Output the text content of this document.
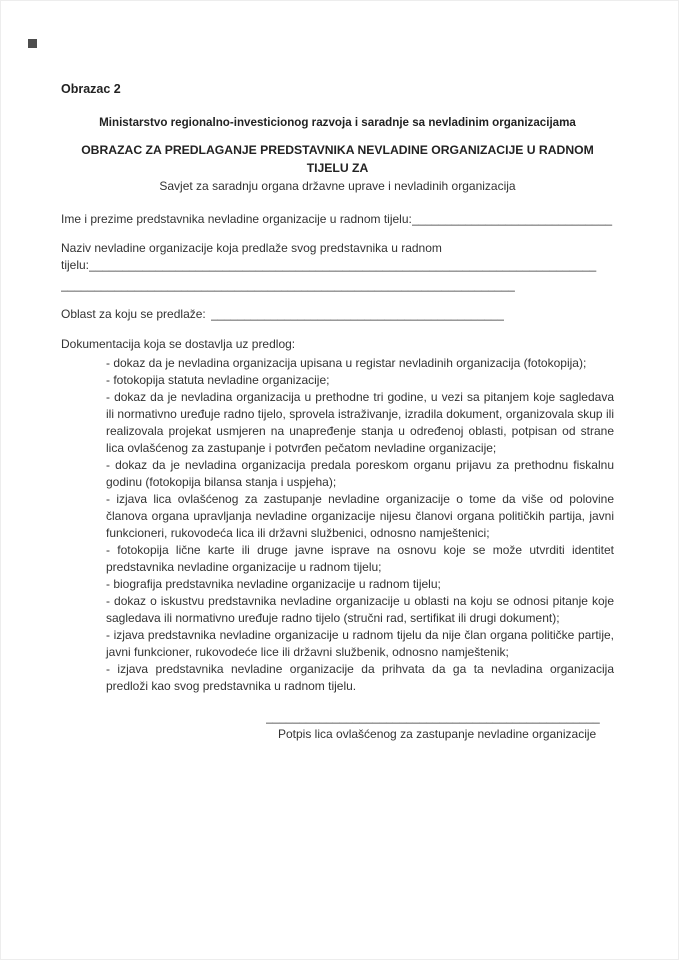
Obrazac 2
Ministarstvo regionalno-investicionog razvoja i saradnje sa nevladinim organizacijama
OBRAZAC ZA PREDLAGANJE PREDSTAVNIKA NEVLADINE ORGANIZACIJE U RADNOM TIJELU ZA
Savjet za saradnju organa državne uprave i nevladinih organizacija
Ime i prezime predstavnika nevladine organizacije u radnom tijelu: ______________________________
Naziv nevladine organizacije koja predlaže svog predstavnika u radnom
tijelu: ____________________________________________________________________________
____________________________________________________________________
Oblast za koju se predlaže: ____________________________________________
Dokumentacija koja se dostavlja uz predlog:
- dokaz da je nevladina organizacija upisana u registar nevladinih organizacija (fotokopija);
- fotokopija statuta nevladine organizacije;
- dokaz da je nevladina organizacija u prethodne tri godine, u vezi sa pitanjem koje sagledava ili normativno uređuje radno tijelo, sprovela istraživanje, izradila dokument, organizovala skup ili realizovala projekat usmjeren na unapređenje stanja u određenoj oblasti, potpisan od strane lica ovlašćenog za zastupanje i potvrđen pečatom nevladine organizacije;
- dokaz da je nevladina organizacija predala poreskom organu prijavu za prethodnu fiskalnu godinu (fotokopija bilansa stanja i uspjeha);
- izjava lica ovlašćenog za zastupanje nevladine organizacije o tome da više od polovine članova organa upravljanja nevladine organizacije nijesu članovi organa političkih partija, javni funkcioneri, rukovodeća lica ili državni službenici, odnosno namještenici;
- fotokopija lične karte ili druge javne isprave na osnovu koje se može utvrditi identitet predstavnika nevladine organizacije u radnom tijelu;
- biografija predstavnika nevladine organizacije u radnom tijelu;
- dokaz o iskustvu predstavnika nevladine organizacije u oblasti na koju se odnosi pitanje koje sagledava ili normativno uređuje radno tijelo (stručni rad, sertifikat ili drugi dokument);
- izjava predstavnika nevladine organizacije u radnom tijelu da nije član organa političke partije, javni funkcioner, rukovodeće lice ili državni službenik, odnosno namještenik;
- izjava predstavnika nevladine organizacije da prihvata da ga ta nevladina organizacija predloži kao svog predstavnika u radnom tijelu.
__________________________________________________
Potpis lica ovlašćenog za zastupanje nevladine organizacije
